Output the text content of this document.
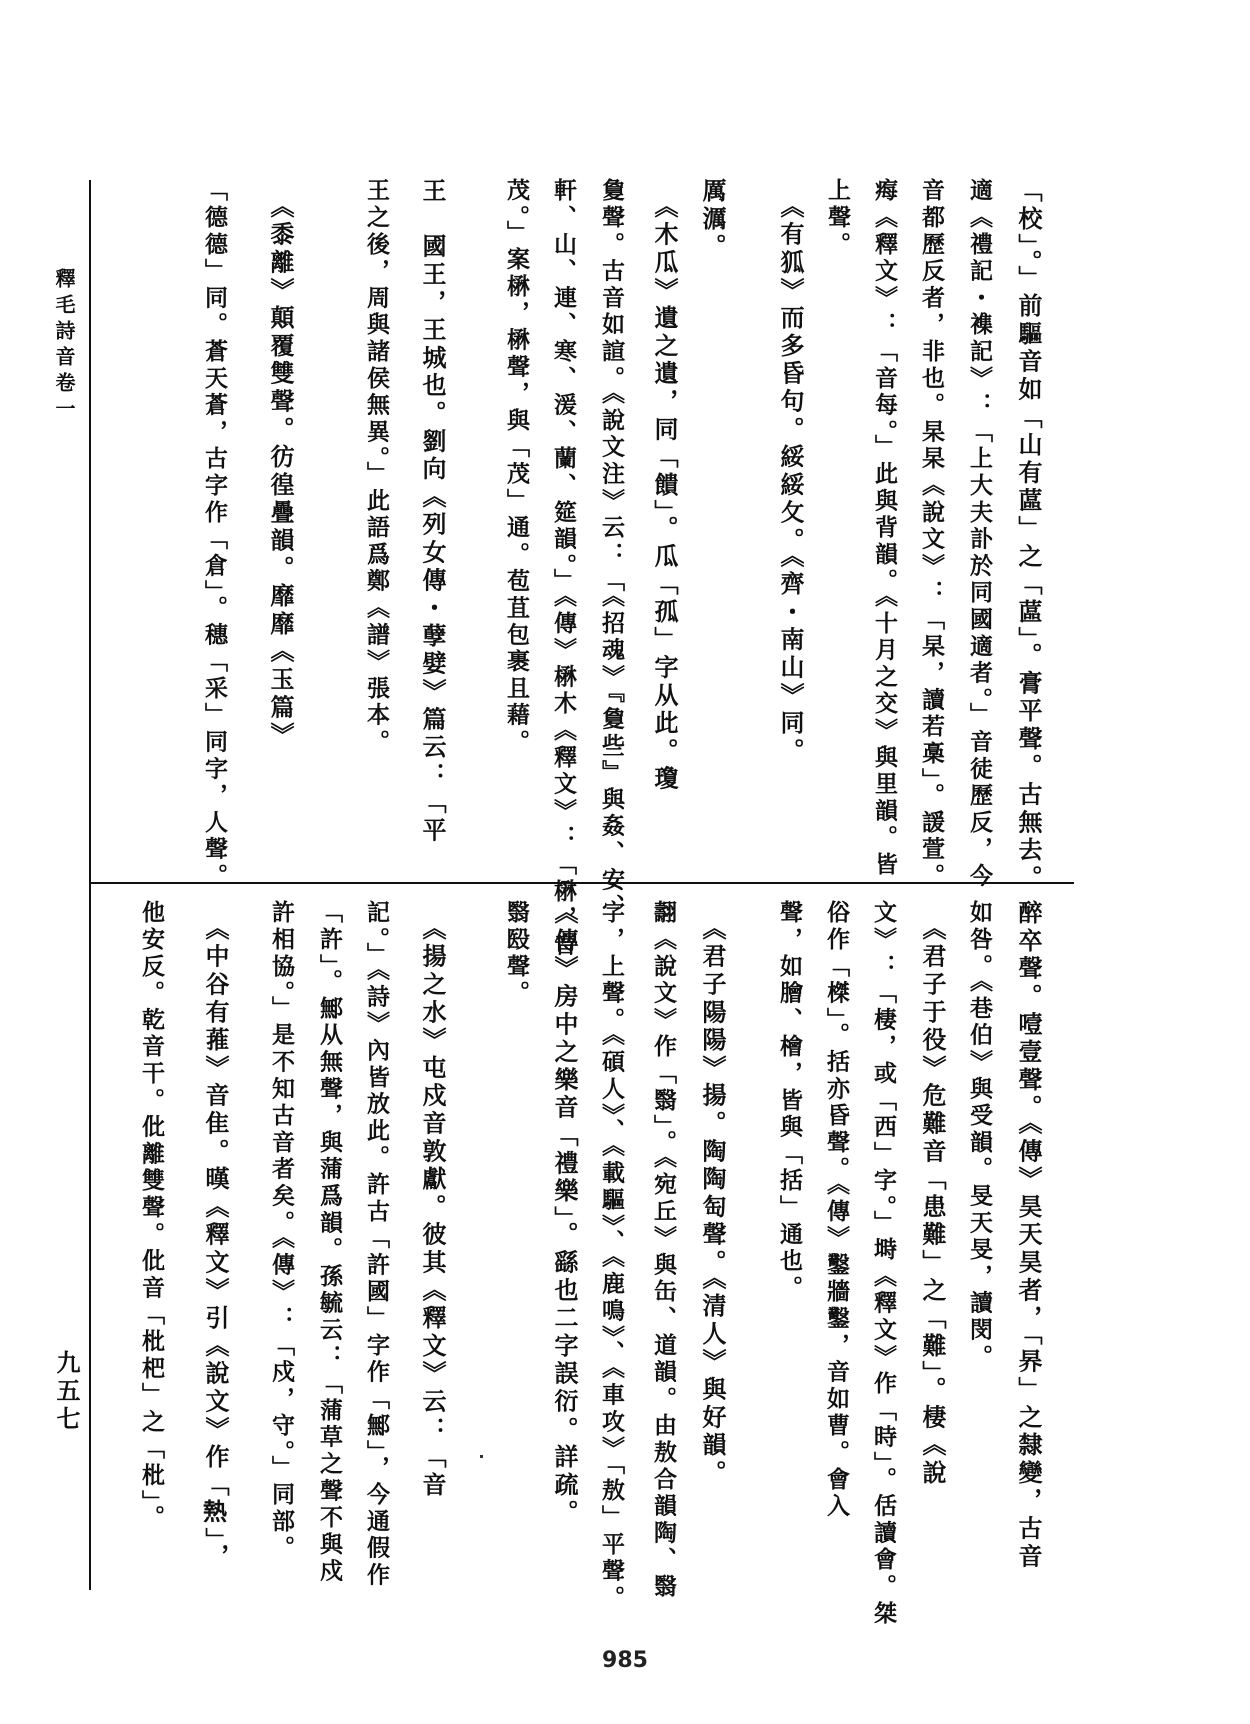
釋毛詩音卷一
九五七
「校」。」前驅音如「山有蓲」之「蓲」。膏平聲。古無去。
適《禮記・襍記》：「上大夫訃於同國適者。」音徒歷反，今
音都歷反者，非也。杲杲《說文》：「杲，讀若槀」。諼萱。
痗《釋文》：「音每。」此與背韻。《十月之交》與里韻。皆
上聲。
　《有狐》而多昏句。綏綏攵。《齊・南山》同。
厲濿。
　《木瓜》遺之遺，同「饋」。瓜「孤」字从此。瓊
敻聲。古音如諠。《說文注》云：「《招魂》『敻些』與姦、安、
軒、山、連、寒、湲、蘭、筵韻。」《傳》楙木《釋文》：「楙，音
茂。」案楙，楙聲，與「茂」通。苞苴包裹且藉。
王　國王，王城也。劉向《列女傳・孽嬖》篇云：「平
王之後，周與諸侯無異。」此語爲鄭《譜》張本。
　《黍離》顛覆雙聲。彷徨疊韻。靡靡《玉篇》
「德德」同。蒼天蒼，古字作「倉」。穗「采」同字，人聲。
醉卒聲。噎壹聲。《傳》昊天昊者，「昦」之隸變，古音
如咎。《巷伯》與受韻。旻天旻，讀閔。
　《君子于役》危難音「患難」之「難」。棲《說
文》：「棲，或「西」字。」塒《釋文》作「時」。佸讀會。桀
俗作「榤」。括亦昏聲。《傳》鑿牆鑿，音如曹。會入
聲，如膾、檜，皆與「括」通也。
　《君子陽陽》揚。陶陶匋聲。《清人》與好韻。
翿《說文》作「翳」。《宛丘》與缶、道韻。由敖合韻陶、翳
字，上聲。《碩人》、《載驅》、《鹿鳴》、《車攻》「敖」平聲。
《傳》房中之樂音「禮樂」。繇也二字誤衍。詳疏。
翳殹聲。
　《揚之水》屯戍音敦獻。彼其《釋文》云：「音
記。」《詩》內皆放此。許古「許國」字作「鄦」，今通假作
「許」。鄦从無聲，與蒲爲韻。孫毓云：「蒲草之聲不與戍
許相協。」是不知古音者矣。《傳》：「戍，守。」同部。
　《中谷有蓷》音隹。暵《釋文》引《說文》作「𤍠」，
他安反。乾音干。仳離雙聲。仳音「枇杷」之「枇」。
985
